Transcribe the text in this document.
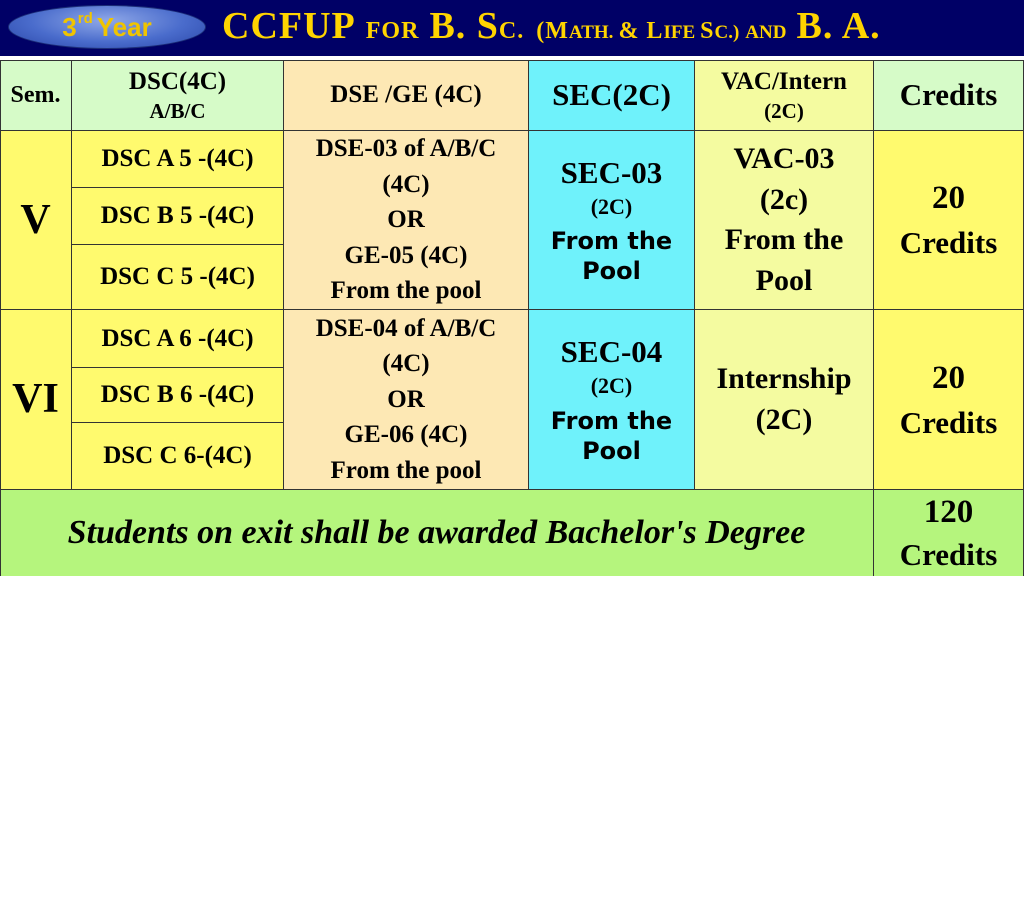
3rd Year CCFUP FOR B. S C. (M ATH. & L IFE S C.) AND B. A.
Sem.	DSC(4C)
A/B/C
DSE /GE (4C) SEC(2C) VAC/Intern
(2C)	Credits
V
DSC A 5 -(4C)
DSC B 5 -(4C)
DSC C 5 -(4C)
DSE-03 of A/B/C
(4C)
OR
GE-05 (4C)
From the pool
SEC-03
(2C)
From the
Pool
VAC-03
(2c)
From the
Pool
20
Credits
VI
DSC A 6 -(4C)
DSC B 6 -(4C)
DSC C 6-(4C)
DSE-04 of A/B/C
(4C)
OR
GE-06 (4C)
From the pool
SEC-04
(2C)
From the
Pool
Internship
(2C)
20
Credits
Students on exit shall be awarded Bachelor's Degree
120
Credits
